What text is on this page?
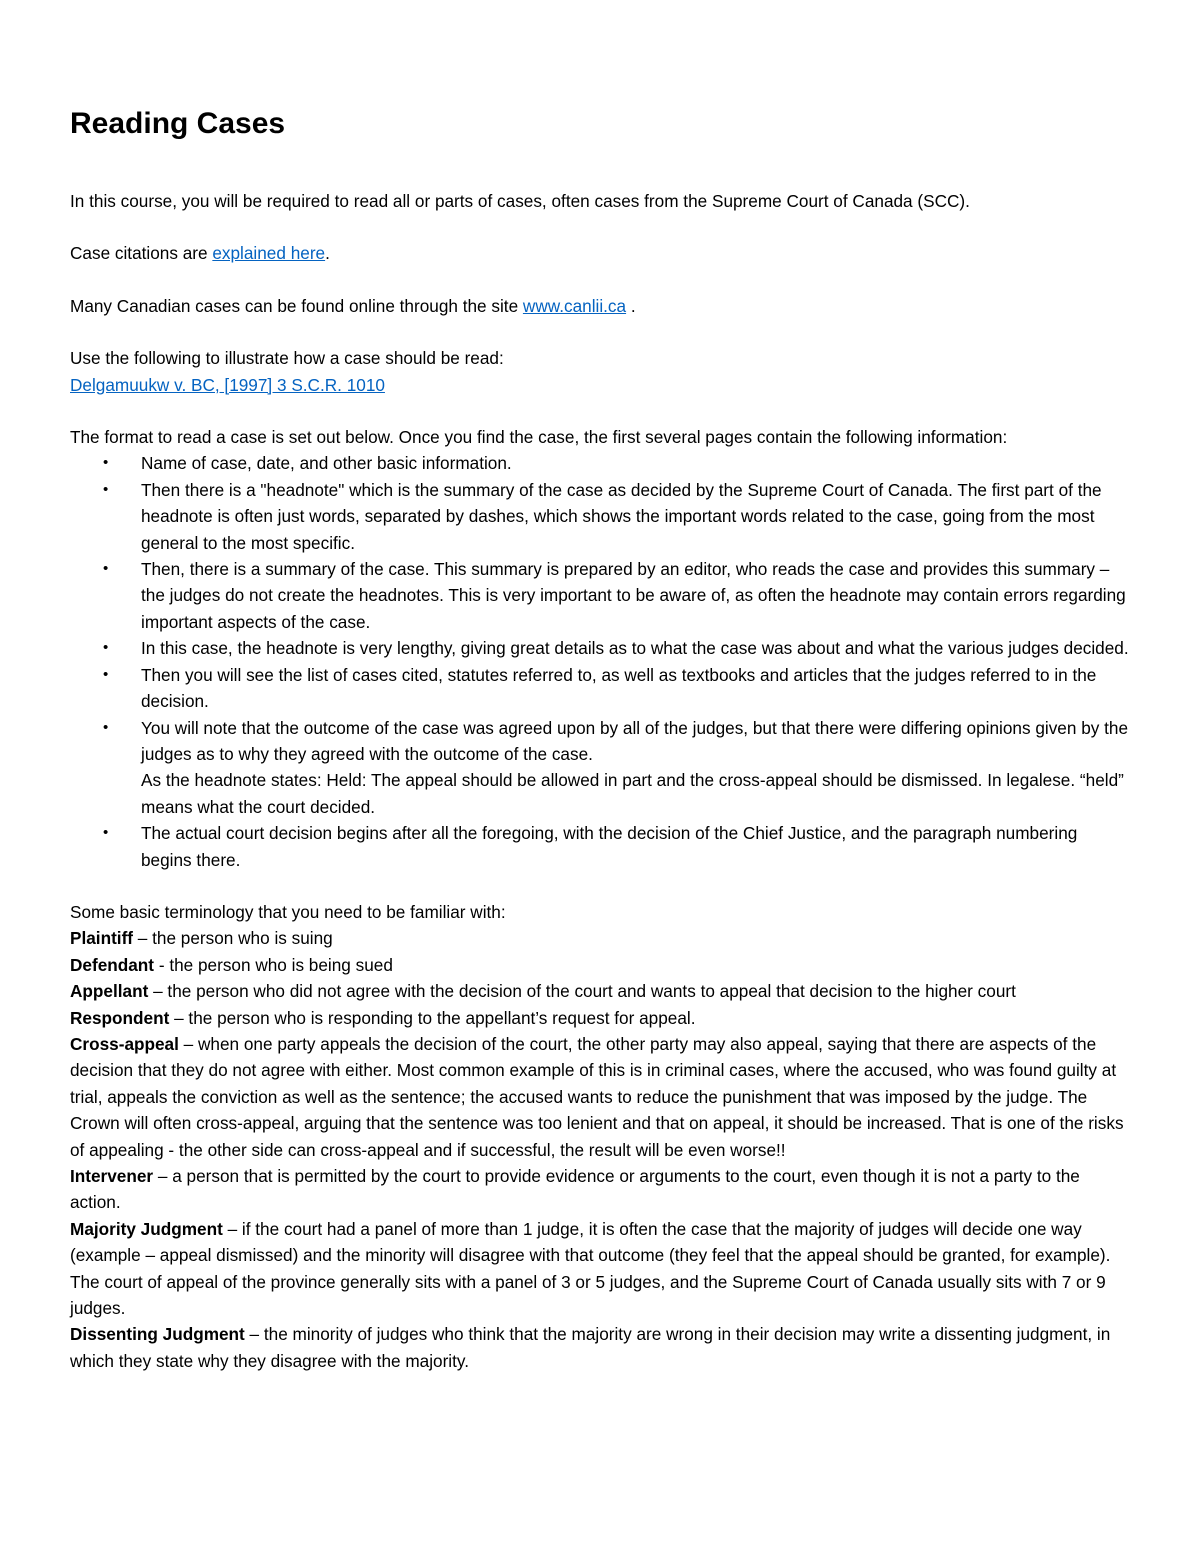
Reading Cases

In this course, you will be required to read all or parts of cases, often cases from the Supreme Court of Canada (SCC).

Case citations are explained here.

Many Canadian cases can be found online through the site www.canlii.ca .

Use the following to illustrate how a case should be read:

Delgamuukw v. BC, [1997] 3 S.C.R. 1010

The format to read a case is set out below. Once you find the case, the first several pages contain the following information:

• Name of case, date, and other basic information.
• Then there is a "headnote" which is the summary of the case as decided by the Supreme Court of Canada. The first part of the headnote is often just words, separated by dashes, which shows the important words related to the case, going from the most general to the most specific.
• Then, there is a summary of the case. This summary is prepared by an editor, who reads the case and provides this summary – the judges do not create the headnotes. This is very important to be aware of, as often the headnote may contain errors regarding important aspects of the case.
• In this case, the headnote is very lengthy, giving great details as to what the case was about and what the various judges decided.
• Then you will see the list of cases cited, statutes referred to, as well as textbooks and articles that the judges referred to in the decision.
• You will note that the outcome of the case was agreed upon by all of the judges, but that there were differing opinions given by the judges as to why they agreed with the outcome of the case.
As the headnote states: Held: The appeal should be allowed in part and the cross-appeal should be dismissed. In legalese. “held” means what the court decided.
• The actual court decision begins after all the foregoing, with the decision of the Chief Justice, and the paragraph numbering begins there.

Some basic terminology that you need to be familiar with:

Plaintiff – the person who is suing

Defendant - the person who is being sued

Appellant – the person who did not agree with the decision of the court and wants to appeal that decision to the higher court

Respondent – the person who is responding to the appellant’s request for appeal.

Cross-appeal – when one party appeals the decision of the court, the other party may also appeal, saying that there are aspects of the decision that they do not agree with either. Most common example of this is in criminal cases, where the accused, who was found guilty at trial, appeals the conviction as well as the sentence; the accused wants to reduce the punishment that was imposed by the judge. The Crown will often cross-appeal, arguing that the sentence was too lenient and that on appeal, it should be increased. That is one of the risks of appealing - the other side can cross-appeal and if successful, the result will be even worse!!

Intervener – a person that is permitted by the court to provide evidence or arguments to the court, even though it is not a party to the action.

Majority Judgment – if the court had a panel of more than 1 judge, it is often the case that the majority of judges will decide one way (example – appeal dismissed) and the minority will disagree with that outcome (they feel that the appeal should be granted, for example). The court of appeal of the province generally sits with a panel of 3 or 5 judges, and the Supreme Court of Canada usually sits with 7 or 9 judges.

Dissenting Judgment – the minority of judges who think that the majority are wrong in their decision may write a dissenting judgment, in which they state why they disagree with the majority.
